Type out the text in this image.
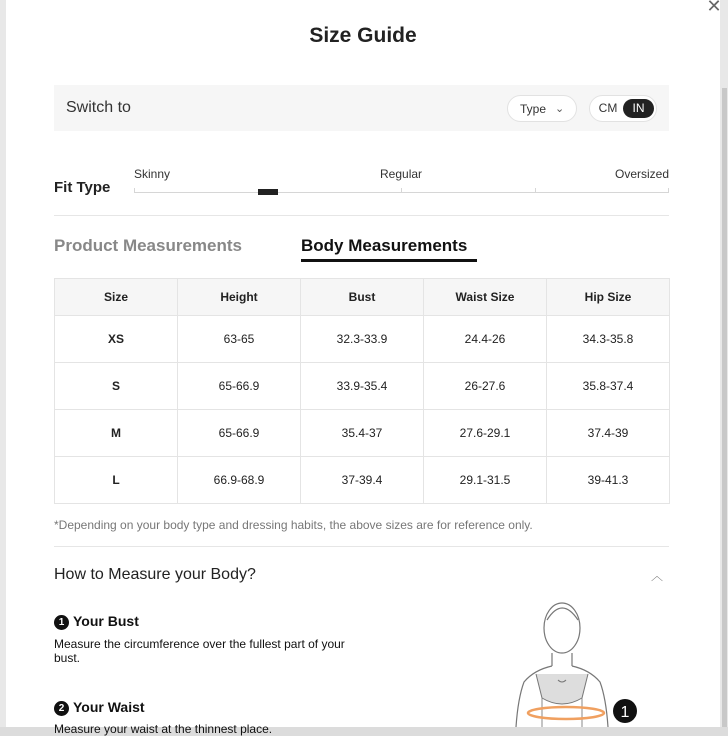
✕
Size Guide
Switch to	Type ⌄	CM	IN
Fit Type
Skinny	Regular	Oversized
Product Measurements	Body Measurements
Size	Height	Bust	Waist Size	Hip Size
XS	63-65	32.3-33.9	24.4-26	34.3-35.8
S	65-66.9	33.9-35.4	26-27.6	35.8-37.4
M	65-66.9	35.4-37	27.6-29.1	37.4-39
L	66.9-68.9	37-39.4	29.1-31.5	39-41.3
*Depending on your body type and dressing habits, the above sizes are for reference only.
How to Measure your Body?	︿
1 Your Bust
Measure the circumference over the fullest part of your bust.
2 Your Waist
Measure your waist at the thinnest place.
1
